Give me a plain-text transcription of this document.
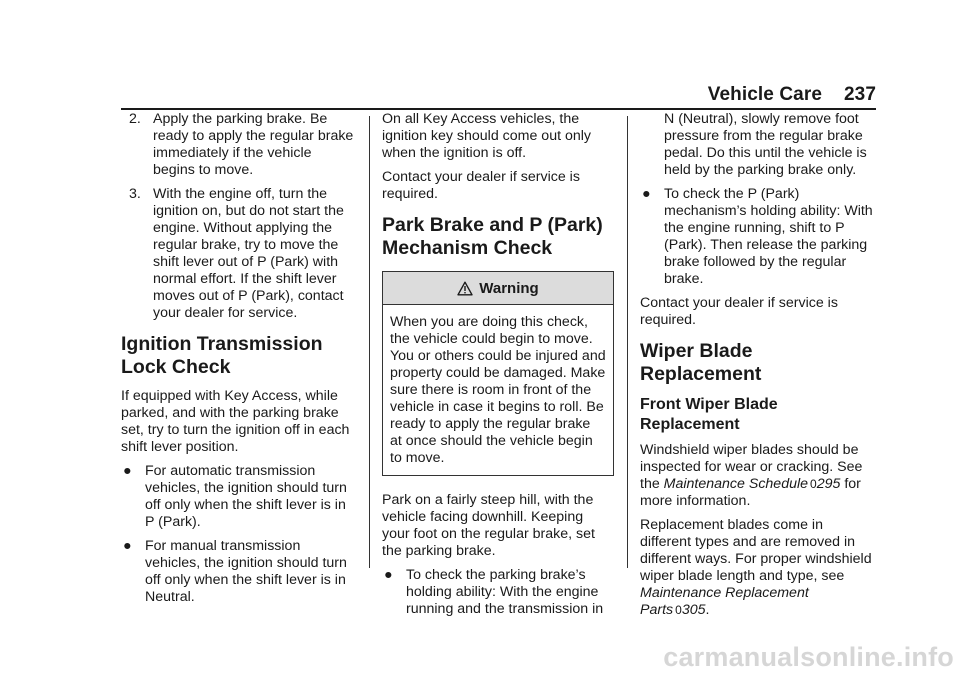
Vehicle Care 237
2. Apply the parking brake. Be ready to apply the regular brake immediately if the vehicle begins to move.
3. With the engine off, turn the ignition on, but do not start the engine. Without applying the regular brake, try to move the shift lever out of P (Park) with normal effort. If the shift lever moves out of P (Park), contact your dealer for service.
Ignition Transmission Lock Check

If equipped with Key Access, while parked, and with the parking brake set, try to turn the ignition off in each shift lever position.

● For automatic transmission vehicles, the ignition should turn off only when the shift lever is in P (Park).
● For manual transmission vehicles, the ignition should turn off only when the shift lever is in Neutral.

On all Key Access vehicles, the ignition key should come out only when the ignition is off.

Contact your dealer if service is required.

Park Brake and P (Park) Mechanism Check
Warning
When you are doing this check, the vehicle could begin to move. You or others could be injured and property could be damaged. Make sure there is room in front of the vehicle in case it begins to roll. Be ready to apply the regular brake at once should the vehicle begin to move.

Park on a fairly steep hill, with the vehicle facing downhill. Keeping your foot on the regular brake, set the parking brake.

● To check the parking brake’s holding ability: With the engine running and the transmission in
N (Neutral), slowly remove foot pressure from the regular brake pedal. Do this until the vehicle is held by the parking brake only.
● To check the P (Park) mechanism’s holding ability: With the engine running, shift to P (Park). Then release the parking brake followed by the regular brake.

Contact your dealer if service is required.

Wiper Blade Replacement
Front Wiper Blade Replacement

Windshield wiper blades should be inspected for wear or cracking. See the Maintenance Schedule 0295 for more information.

Replacement blades come in different types and are removed in different ways. For proper windshield wiper blade length and type, see Maintenance Replacement Parts 0305.

carmanualsonline.info
